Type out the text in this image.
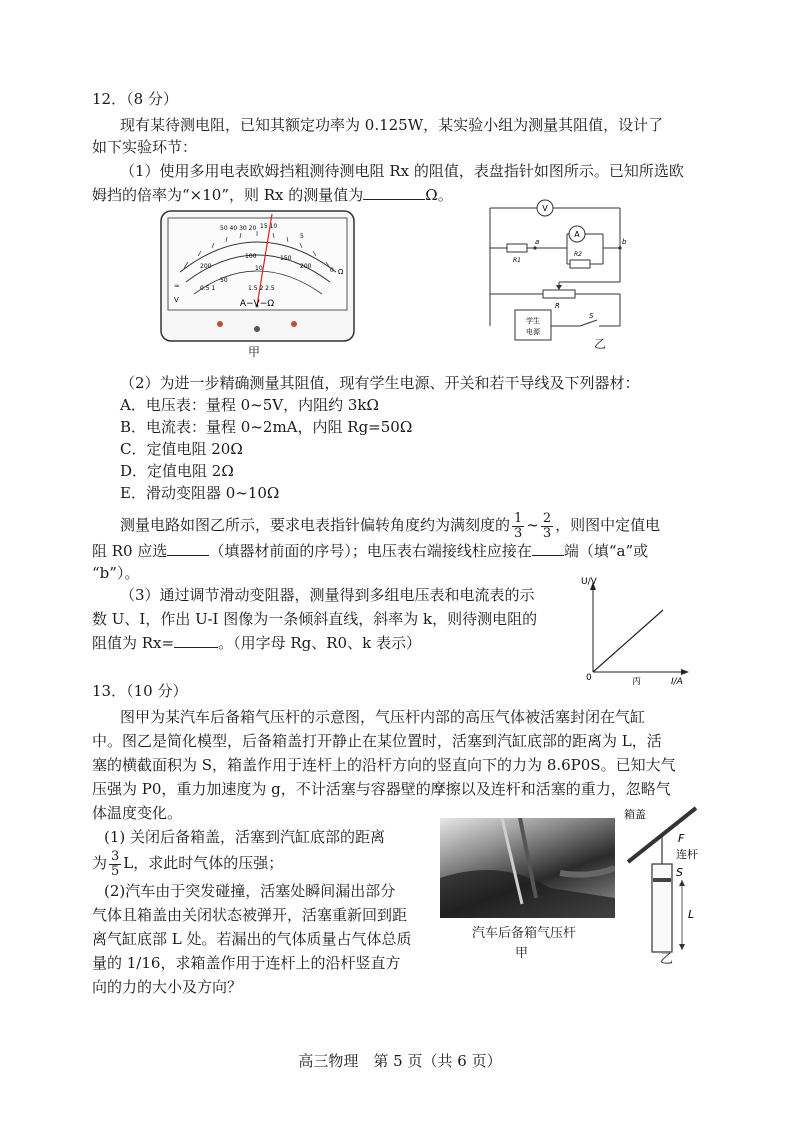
12．（8 分）
现有某待测电阻，已知其额定功率为 0.125W，某实验小组为测量其阻值，设计了
如下实验环节：
（1）使用多用电表欧姆挡粗测待测电阻 Rx 的阻值，表盘指针如图所示。已知所选欧
姆挡的倍率为“×10”，则 Rx 的测量值为	Ω。
50 40 30 20 15 10
5
0 Ω
200
100	150
200
50
10
0.5 1	1.5 2 2.5
≃
V	A−V−Ω
甲
V
A
a	b
R1
R2
R
S
学生
电源
乙
（2）为进一步精确测量其阻值，现有学生电源、开关和若干导线及下列器材：
A．电压表：量程 0~5V，内阻约 3kΩ
B．电流表：量程 0~2mA，内阻 Rg=50Ω
C．定值电阻 20Ω
D．定值电阻 2Ω
E．滑动变阻器 0~10Ω
测量电路如图乙所示，要求电表指针偏转角度约为满刻度的 $\frac{1}{3}$ ~ $\frac{2}{3}$ ，则图中定值电
阻 R0 应选	（填器材前面的序号）；电压表右端接线柱应接在 端（填“a”或
“b”）。
（3）通过调节滑动变阻器，测量得到多组电压表和电流表的示
数 U、I，作出 U-I 图像为一条倾斜直线，斜率为 k，则待测电阻的
阻值为 Rx=	。（用字母 Rg、R0、k 表示）
U/V
I/A
0	丙
13．（10 分）
图甲为某汽车后备箱气压杆的示意图，气压杆内部的高压气体被活塞封闭在气缸
中。图乙是简化模型，后备箱盖打开静止在某位置时，活塞到汽缸底部的距离为 L，活
塞的横截面积为 S，箱盖作用于连杆上的沿杆方向的竖直向下的力为 8.6P0S。已知大气
压强为 P0，重力加速度为 g，不计活塞与容器壁的摩擦以及连杆和活塞的重力，忽略气
体温度变化。
(1) 关闭后备箱盖，活塞到汽缸底部的距离
为 $\frac{3}{5}$ L，求此时气体的压强；
(2)汽车由于突发碰撞，活塞处瞬间漏出部分
气体且箱盖由关闭状态被弹开，活塞重新回到距
离气缸底部 L 处。若漏出的气体质量占气体总质
量的 1/16，求箱盖作用于连杆上的沿杆竖直方
向的力的大小及方向？
汽车后备箱气压杆
甲
箱盖
F
连杆
S
L
乙
高三物理　第 5 页（共 6 页）
